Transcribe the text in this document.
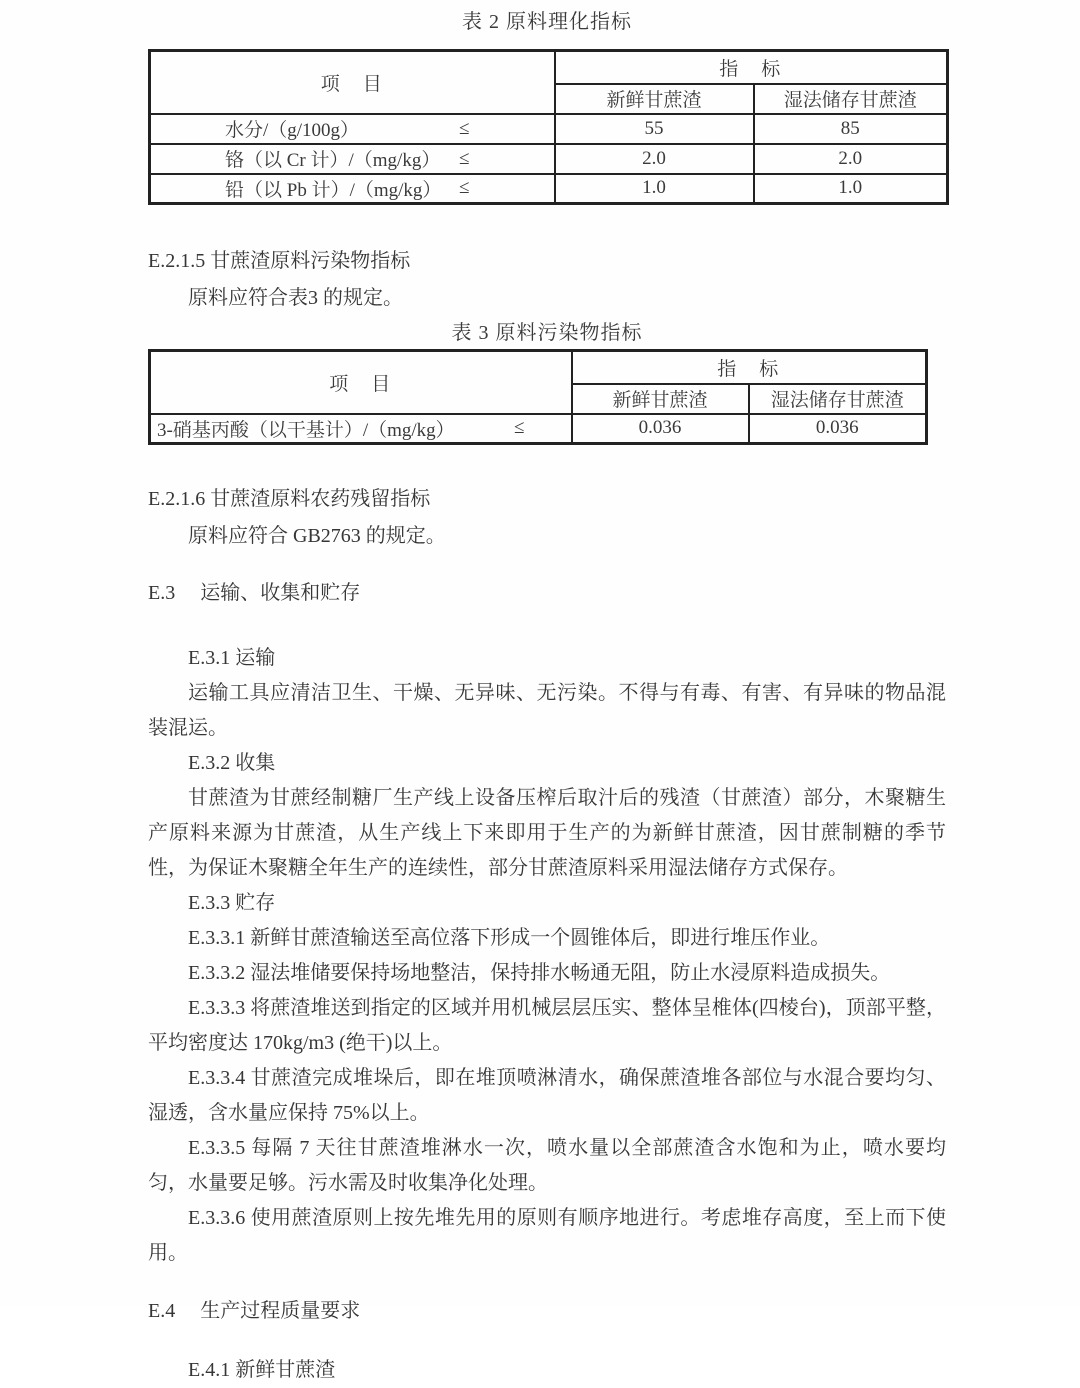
表 2 原料理化指标
项　目	指　标	
	新鲜甘蔗渣	湿法储存甘蔗渣

水分/（g/100g） ≤	55	85

铬（以 Cr 计）/（mg/kg） ≤	2.0	2.0

铅（以 Pb 计）/（mg/kg） ≤	1.0	1.0
E.2.1.5 甘蔗渣原料污染物指标

原料应符合表3 的规定。

表 3 原料污染物指标
项　目	指　标	
	新鲜甘蔗渣	湿法储存甘蔗渣

3-硝基丙酸（以干基计）/（mg/kg） ≤	0.036	0.036
E.2.1.6 甘蔗渣原料农药残留指标

原料应符合 GB2763 的规定。

E.3　 运输、收集和贮存
E.3.1 运输

运输工具应清洁卫生、干燥、无异味、无污染。不得与有毒、有害、有异味的物品混装混运。

E.3.2 收集

甘蔗渣为甘蔗经制糖厂生产线上设备压榨后取汁后的残渣（甘蔗渣）部分，木聚糖生产原料来源为甘蔗渣，从生产线上下来即用于生产的为新鲜甘蔗渣，因甘蔗制糖的季节性，为保证木聚糖全年生产的连续性，部分甘蔗渣原料采用湿法储存方式保存。

E.3.3 贮存

E.3.3.1 新鲜甘蔗渣输送至高位落下形成一个圆锥体后，即进行堆压作业。

E.3.3.2 湿法堆储要保持场地整洁，保持排水畅通无阻，防止水浸原料造成损失。

E.3.3.3 将蔗渣堆送到指定的区域并用机械层层压实、整体呈椎体(四棱台)，顶部平整，平均密度达 170kg/m3 (绝干)以上。

E.3.3.4 甘蔗渣完成堆垛后，即在堆顶喷淋清水，确保蔗渣堆各部位与水混合要均匀、湿透，含水量应保持 75%以上。

E.3.3.5 每隔 7 天往甘蔗渣堆淋水一次，喷水量以全部蔗渣含水饱和为止，喷水要均匀，水量要足够。污水需及时收集净化处理。

E.3.3.6 使用蔗渣原则上按先堆先用的原则有顺序地进行。考虑堆存高度，至上而下使用。

E.4　 生产过程质量要求
E.4.1 新鲜甘蔗渣
